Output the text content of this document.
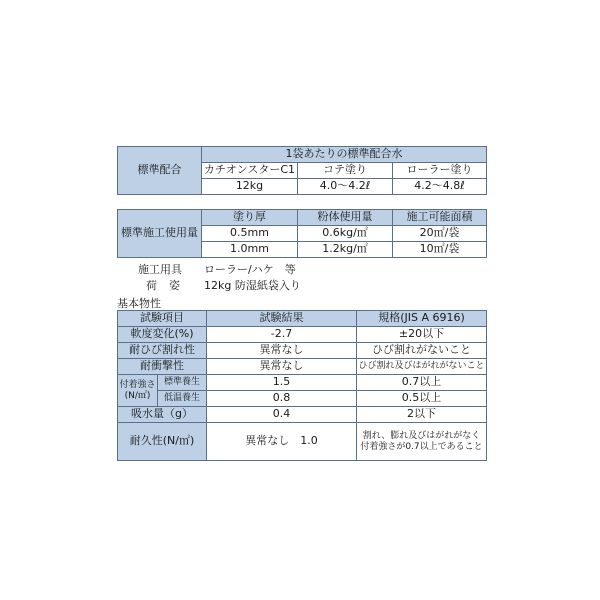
標準配合	1袋あたりの標準配合水		
	カチオンスターC1	コテ塗り	ローラー塗り
	12kg	4.0〜4.2ℓ	4.2〜4.8ℓ
標準施工使用量	塗り厚	粉体使用量	施工可能面積
	0.5mm	0.6kg/㎡	20㎡/袋
	1.0mm	1.2kg/㎡	10㎡/袋
施工用具 ローラー/ハケ　等
荷姿 12kg 防湿紙袋入り
基本物性
試験項目		試験結果	規格(JIS A 6916)
軟度変化(%)		-2.7	±20以下
耐ひび割れ性		異常なし	ひび割れがないこと
耐衝撃性		異常なし	ひび割れ及びはがれがないこと
付着強さ
(N/㎡)	標準養生	1.5	0.7以上
	低温養生	0.8	0.5以上
吸水量（g）		0.4	2以下
耐久性(N/㎡)		異常なし　1.0	割れ、膨れ及びはがれがなく
付着強さが0.7以上であること
